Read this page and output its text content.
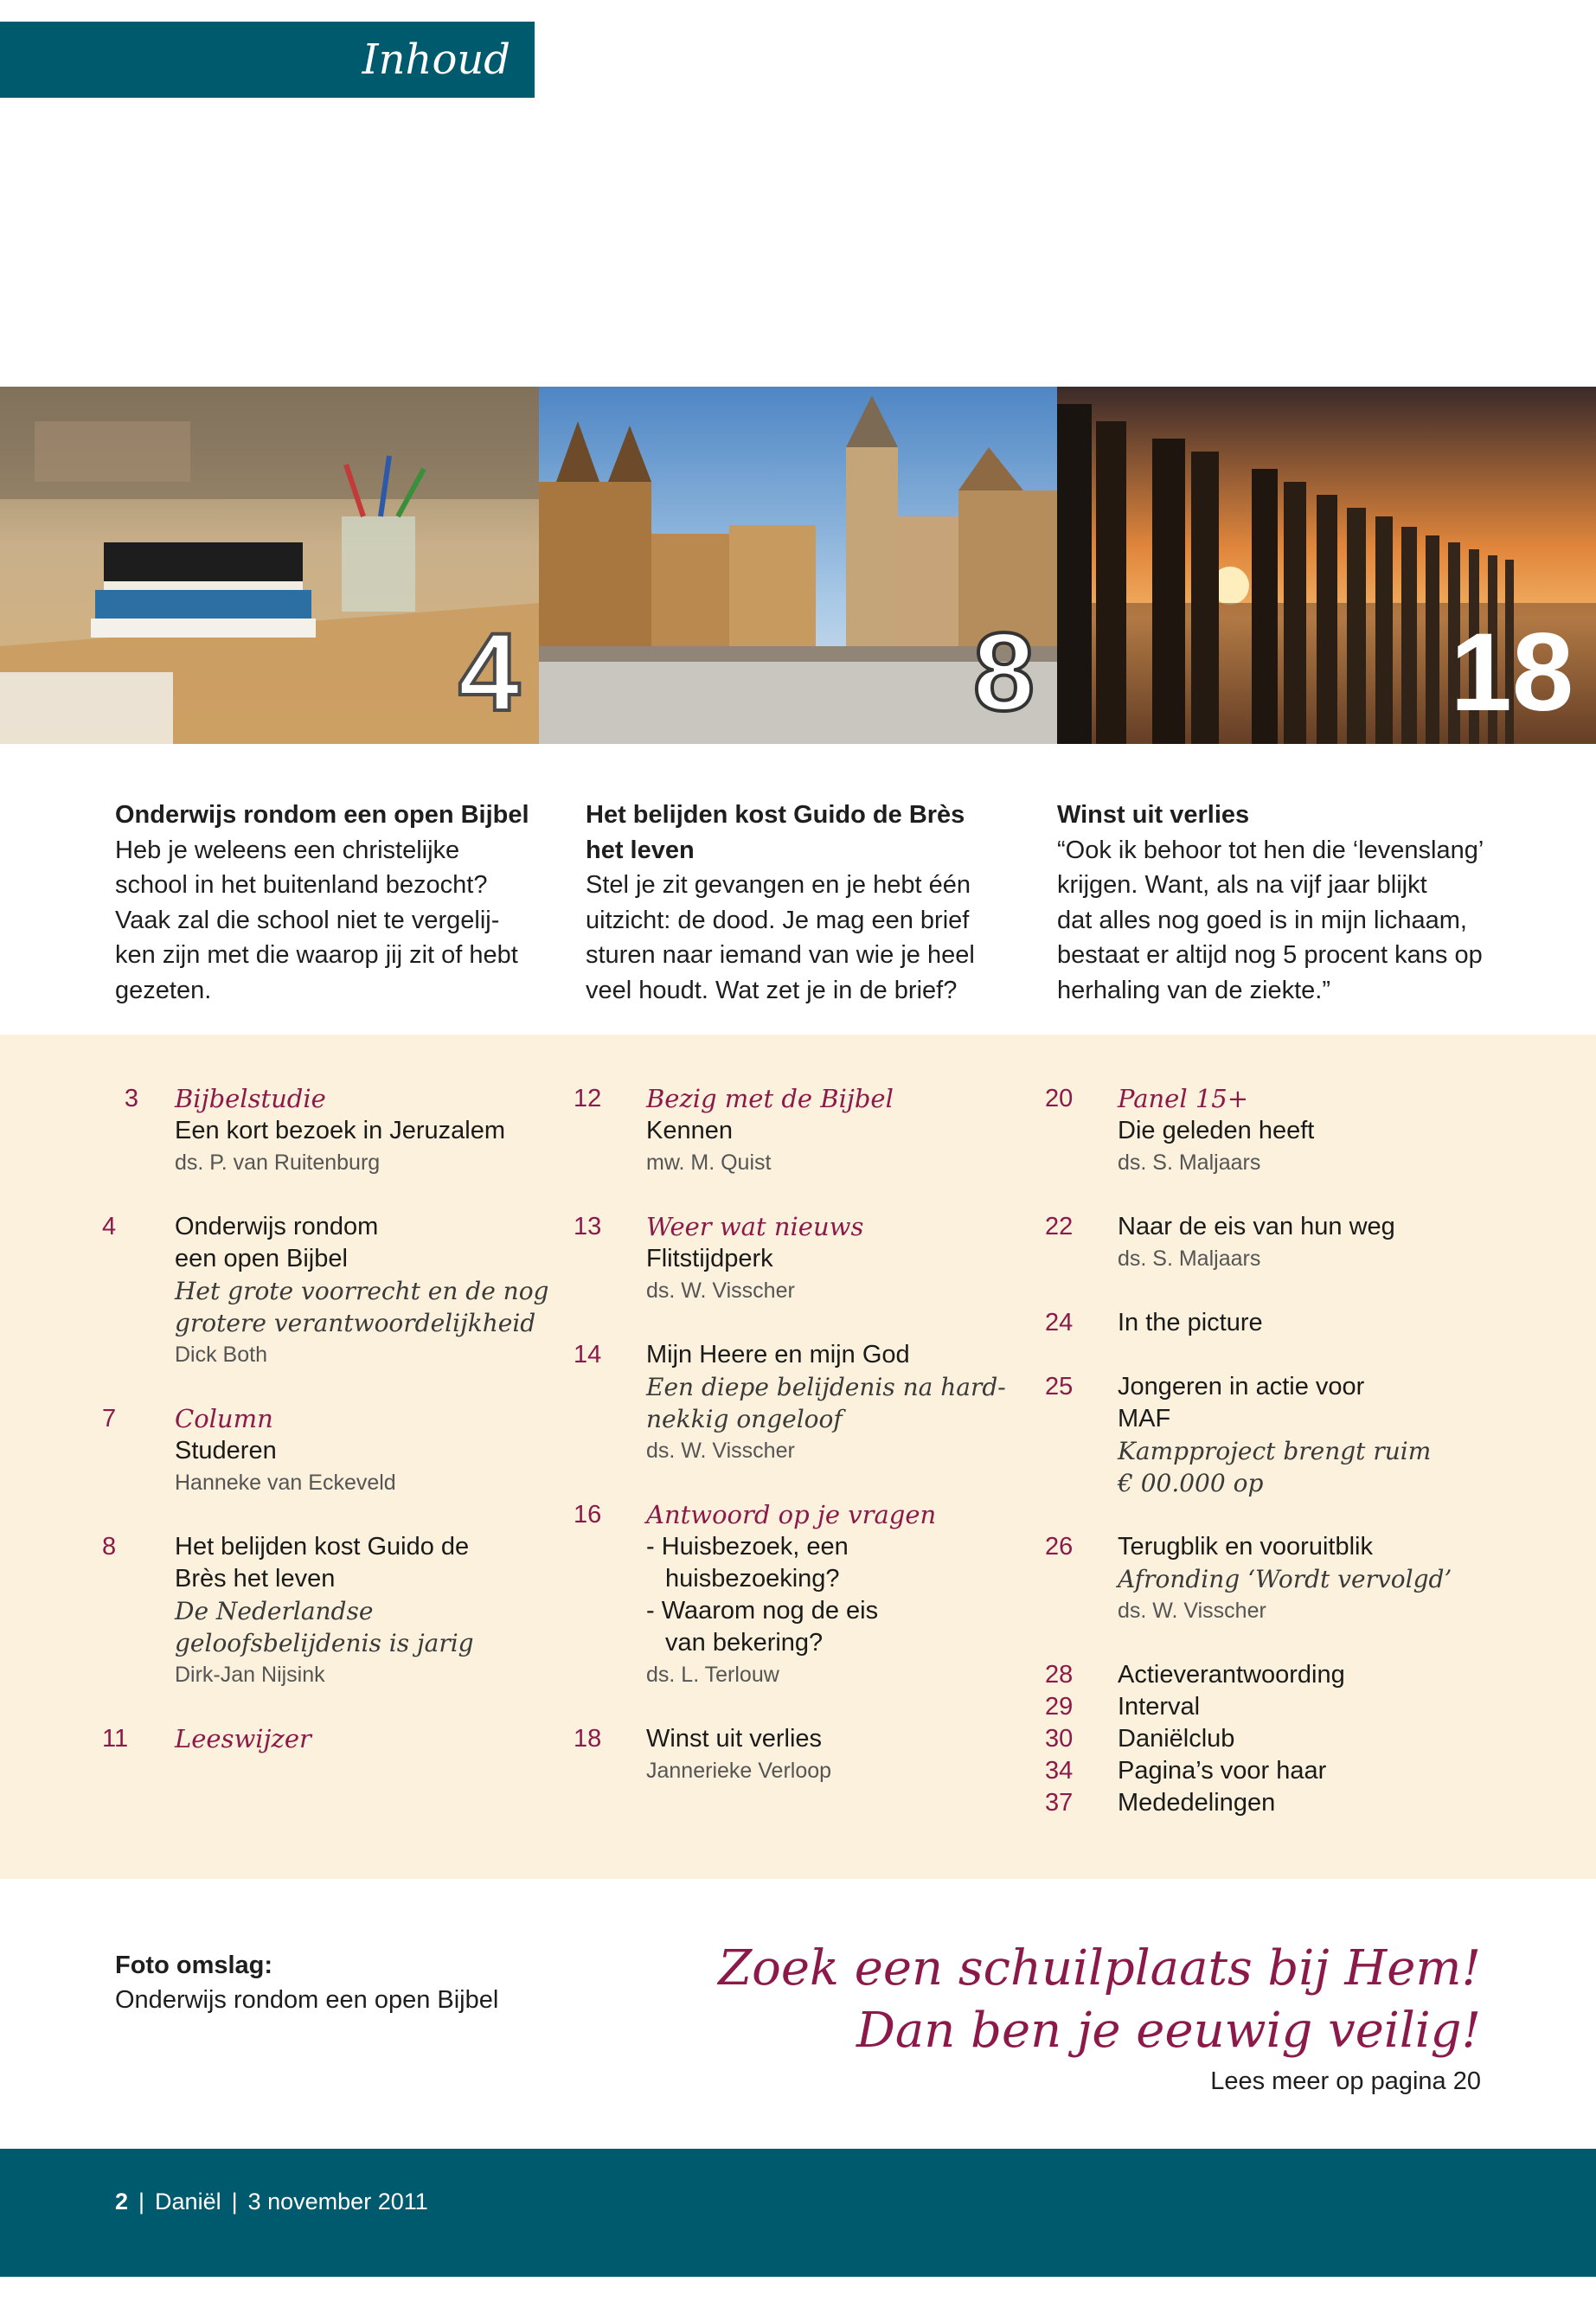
Inhoud
4	8	18
Onderwijs rondom een open Bijbel
Heb je weleens een christelijke
school in het buitenland bezocht?
Vaak zal die school niet te vergelij-
ken zijn met die waarop jij zit of hebt
gezeten.
Het belijden kost Guido de Brès
het leven
Stel je zit gevangen en je hebt één
uitzicht: de dood. Je mag een brief
sturen naar iemand van wie je heel
veel houdt. Wat zet je in de brief?
Winst uit verlies
“Ook ik behoor tot hen die ‘levenslang’
krijgen. Want, als na vijf jaar blijkt
dat alles nog goed is in mijn lichaam,
bestaat er altijd nog 5 procent kans op
herhaling van de ziekte.”
3 Bijbelstudie
Een kort bezoek in Jeruzalem
ds. P. van Ruitenburg
4	Onderwijs rondom
een open Bijbel
Het grote voorrecht en de nog
grotere verantwoordelijkheid
Dick Both
7	Column
Studeren
Hanneke van Eckeveld
8	Het belijden kost Guido de
Brès het leven
De Nederlandse
geloofsbelijdenis is jarig
Dirk-Jan Nijsink
11	Leeswijzer
12	Bezig met de Bijbel
Kennen
mw. M. Quist
13	Weer wat nieuws
Flitstijdperk
ds. W. Visscher
14	Mijn Heere en mijn God
Een diepe belijdenis na hard-
nekkig ongeloof
ds. W. Visscher
16	Antwoord op je vragen
- Huisbezoek, een
huisbezoeking?
- Waarom nog de eis
van bekering?
ds. L. Terlouw
18	Winst uit verlies
Jannerieke Verloop
20	Panel 15+
Die geleden heeft
ds. S. Maljaars
22	Naar de eis van hun weg
ds. S. Maljaars
24	In the picture
25	Jongeren in actie voor
MAF
Kampproject brengt ruim
€ 00.000 op
26	Terugblik en vooruitblik
Afronding ‘Wordt vervolgd’
ds. W. Visscher
28	Actieverantwoording
29	Interval
30	Daniëlclub
34	Pagina’s voor haar
37	Mededelingen
Foto omslag:
Onderwijs rondom een open Bijbel
Zoek een schuilplaats bij Hem!
Dan ben je eeuwig veilig!
Lees meer op pagina 20
2 | Daniël | 3 november 2011
